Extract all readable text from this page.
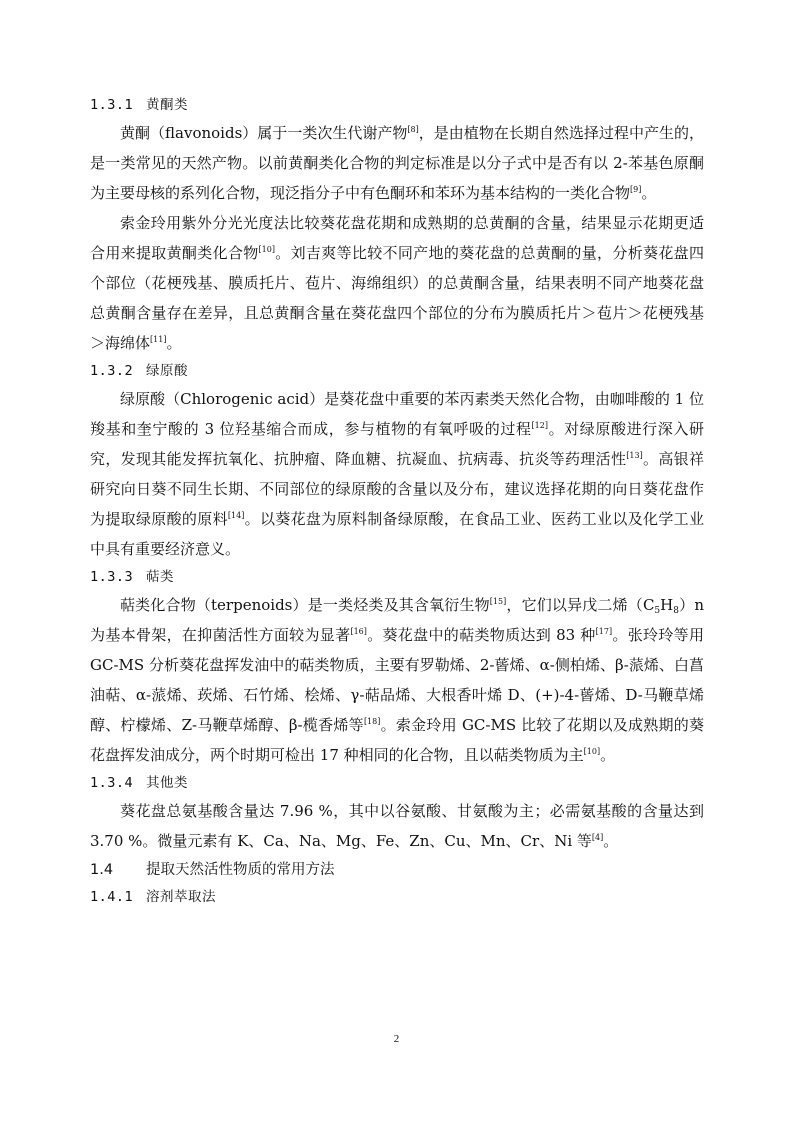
1.3.1 黄酮类

黄酮（flavonoids）属于一类次生代谢产物[8]，是由植物在长期自然选择过程中产生的，是一类常见的天然产物。以前黄酮类化合物的判定标准是以分子式中是否有以 2-苯基色原酮为主要母核的系列化合物，现泛指分子中有色酮环和苯环为基本结构的一类化合物[9]。

索金玲用紫外分光光度法比较葵花盘花期和成熟期的总黄酮的含量，结果显示花期更适合用来提取黄酮类化合物[10]。刘吉爽等比较不同产地的葵花盘的总黄酮的量，分析葵花盘四个部位（花梗残基、膜质托片、苞片、海绵组织）的总黄酮含量，结果表明不同产地葵花盘总黄酮含量存在差异，且总黄酮含量在葵花盘四个部位的分布为膜质托片＞苞片＞花梗残基＞海绵体[11]。

1.3.2 绿原酸

绿原酸（Chlorogenic acid）是葵花盘中重要的苯丙素类天然化合物，由咖啡酸的 1 位羧基和奎宁酸的 3 位羟基缩合而成，参与植物的有氧呼吸的过程[12]。对绿原酸进行深入研究，发现其能发挥抗氧化、抗肿瘤、降血糖、抗凝血、抗病毒、抗炎等药理活性[13]。高银祥研究向日葵不同生长期、不同部位的绿原酸的含量以及分布，建议选择花期的向日葵花盘作为提取绿原酸的原料[14]。以葵花盘为原料制备绿原酸，在食品工业、医药工业以及化学工业中具有重要经济意义。

1.3.3 萜类

萜类化合物（terpenoids）是一类烃类及其含氧衍生物[15]，它们以异戊二烯$(C_5H_8)n$ 为基本骨架，在抑菌活性方面较为显著[16]。葵花盘中的萜类物质达到 83 种[17]。张玲玲等用 GC-MS 分析葵花盘挥发油中的萜类物质，主要有罗勒烯、2-蒈烯、α-侧柏烯、β-蒎烯、白菖油萜、α-蒎烯、莰烯、石竹烯、桧烯、γ-萜品烯、大根香叶烯 D、(+)-4-蒈烯、D-马鞭草烯醇、柠檬烯、Z-马鞭草烯醇、β-榄香烯等[18]。索金玲用 GC-MS 比较了花期以及成熟期的葵花盘挥发油成分，两个时期可检出 17 种相同的化合物，且以萜类物质为主[10]。

1.3.4 其他类

葵花盘总氨基酸含量达 7.96 %，其中以谷氨酸、甘氨酸为主；必需氨基酸的含量达到 3.70 %。微量元素有 K、Ca、Na、Mg、Fe、Zn、Cu、Mn、Cr、Ni 等[4]。

1.4 提取天然活性物质的常用方法
1.4.1 溶剂萃取法
2
